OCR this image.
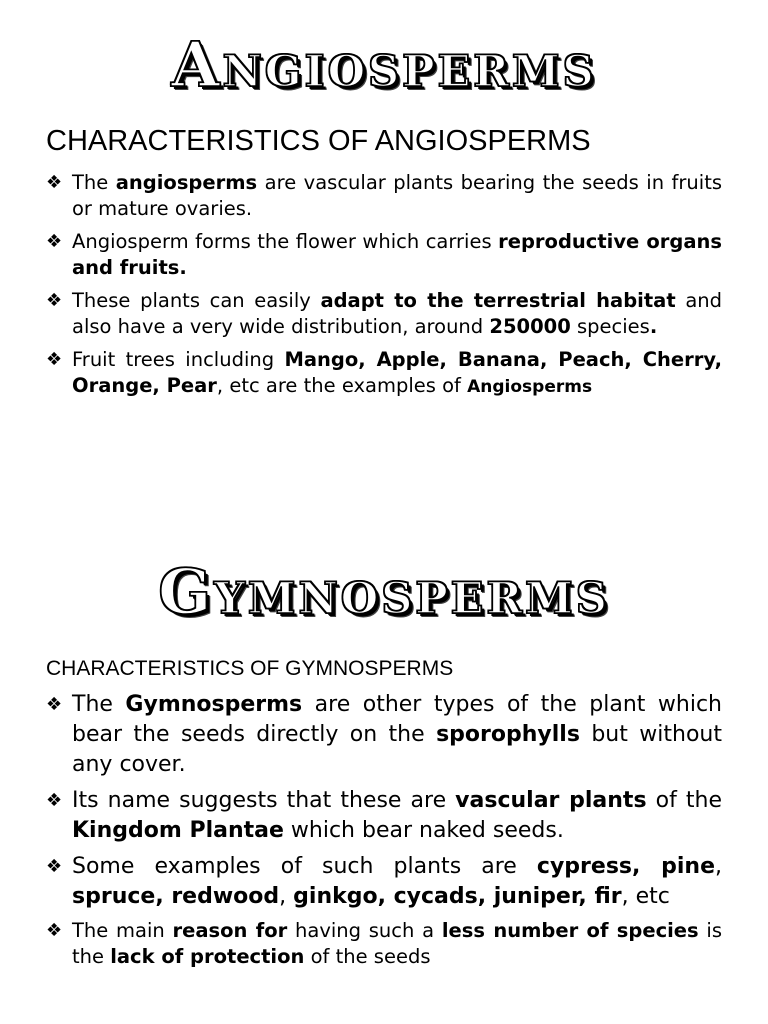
Angiosperms
CHARACTERISTICS OF ANGIOSPERMS
❖ The angiosperms are vascular plants bearing the seeds in fruits or mature ovaries.
❖ Angiosperm forms the flower which carries reproductive organs and fruits.
❖ These plants can easily adapt to the terrestrial habitat and also have a very wide distribution, around 250000 species.
❖ Fruit trees including Mango, Apple, Banana, Peach, Cherry, Orange, Pear, etc are the examples of Angiosperms
Gymnosperms
CHARACTERISTICS OF GYMNOSPERMS
❖ The Gymnosperms are other types of the plant which bear the seeds directly on the sporophylls but without any cover.
❖ Its name suggests that these are vascular plants of the Kingdom Plantae which bear naked seeds.
❖ Some examples of such plants are cypress, pine, spruce, redwood, ginkgo, cycads, juniper, fir, etc
❖ The main reason for having such a less number of species is the lack of protection of the seeds
